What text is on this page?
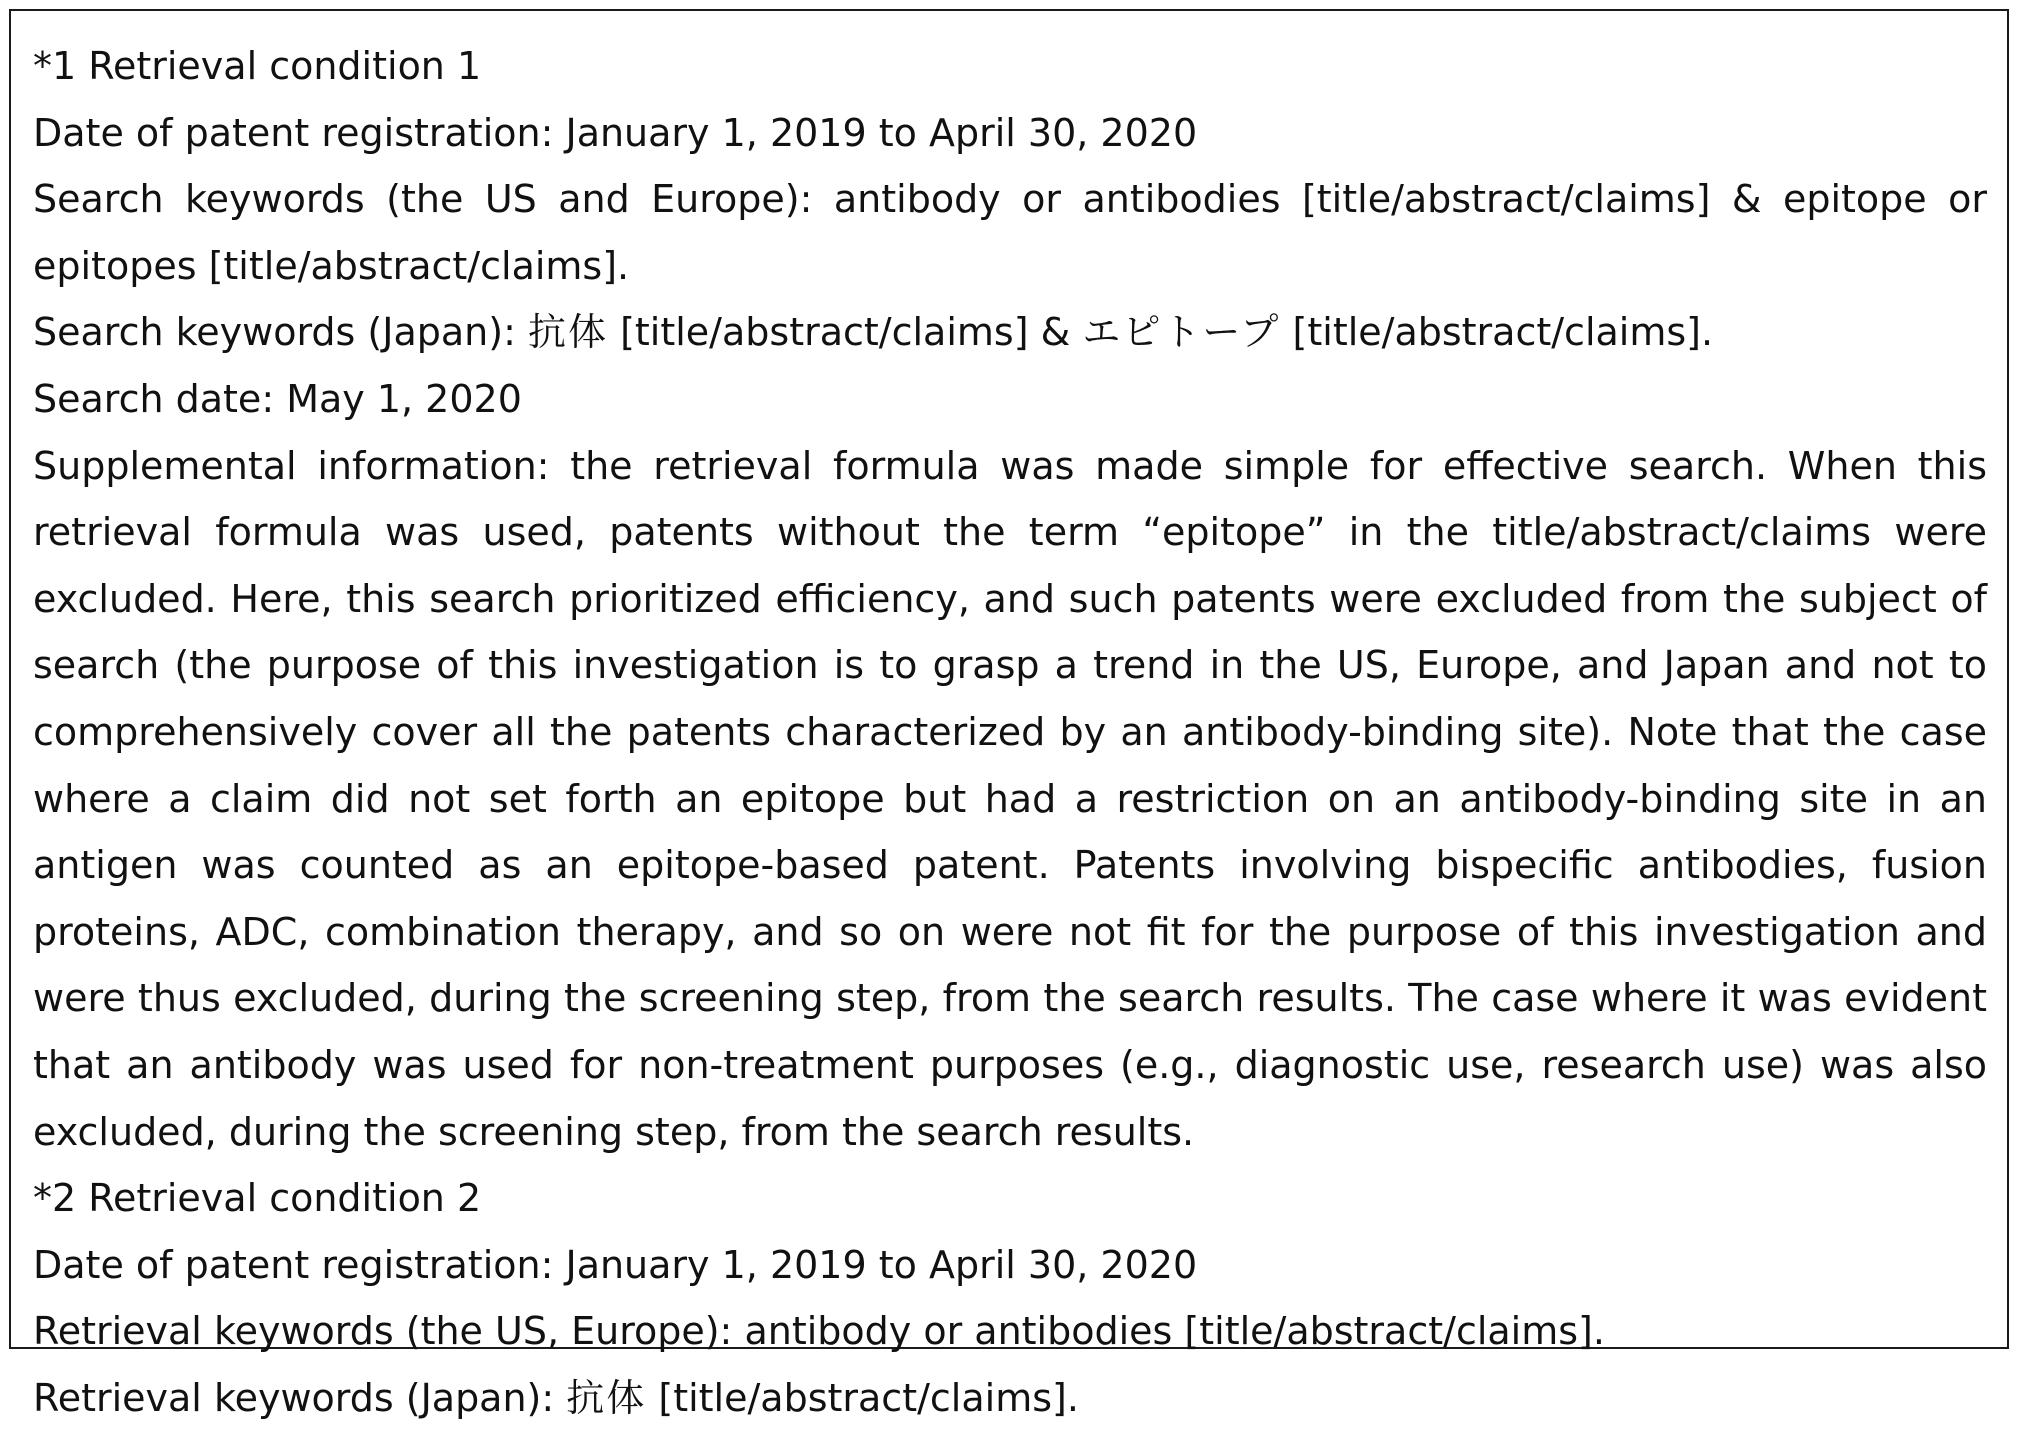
*1 Retrieval condition 1
Date of patent registration: January 1, 2019 to April 30, 2020
Search keywords (the US and Europe): antibody or antibodies [title/abstract/claims] & epitope or epitopes [title/abstract/claims].
Search keywords (Japan): 抗体 [title/abstract/claims] & エピトープ [title/abstract/claims].
Search date: May 1, 2020
Supplemental information: the retrieval formula was made simple for effective search. When this retrieval formula was used, patents without the term “epitope” in the title/abstract/claims were excluded. Here, this search prioritized efficiency, and such patents were excluded from the subject of search (the purpose of this investigation is to grasp a trend in the US, Europe, and Japan and not to comprehensively cover all the patents characterized by an antibody-binding site). Note that the case where a claim did not set forth an epitope but had a restriction on an antibody-binding site in an antigen was counted as an epitope-based patent. Patents involving bispecific antibodies, fusion proteins, ADC, combination therapy, and so on were not fit for the purpose of this investigation and were thus excluded, during the screening step, from the search results. The case where it was evident that an antibody was used for non-treatment purposes (e.g., diagnostic use, research use) was also excluded, during the screening step, from the search results.
*2 Retrieval condition 2
Date of patent registration: January 1, 2019 to April 30, 2020
Retrieval keywords (the US, Europe): antibody or antibodies [title/abstract/claims].
Retrieval keywords (Japan): 抗体 [title/abstract/claims].
